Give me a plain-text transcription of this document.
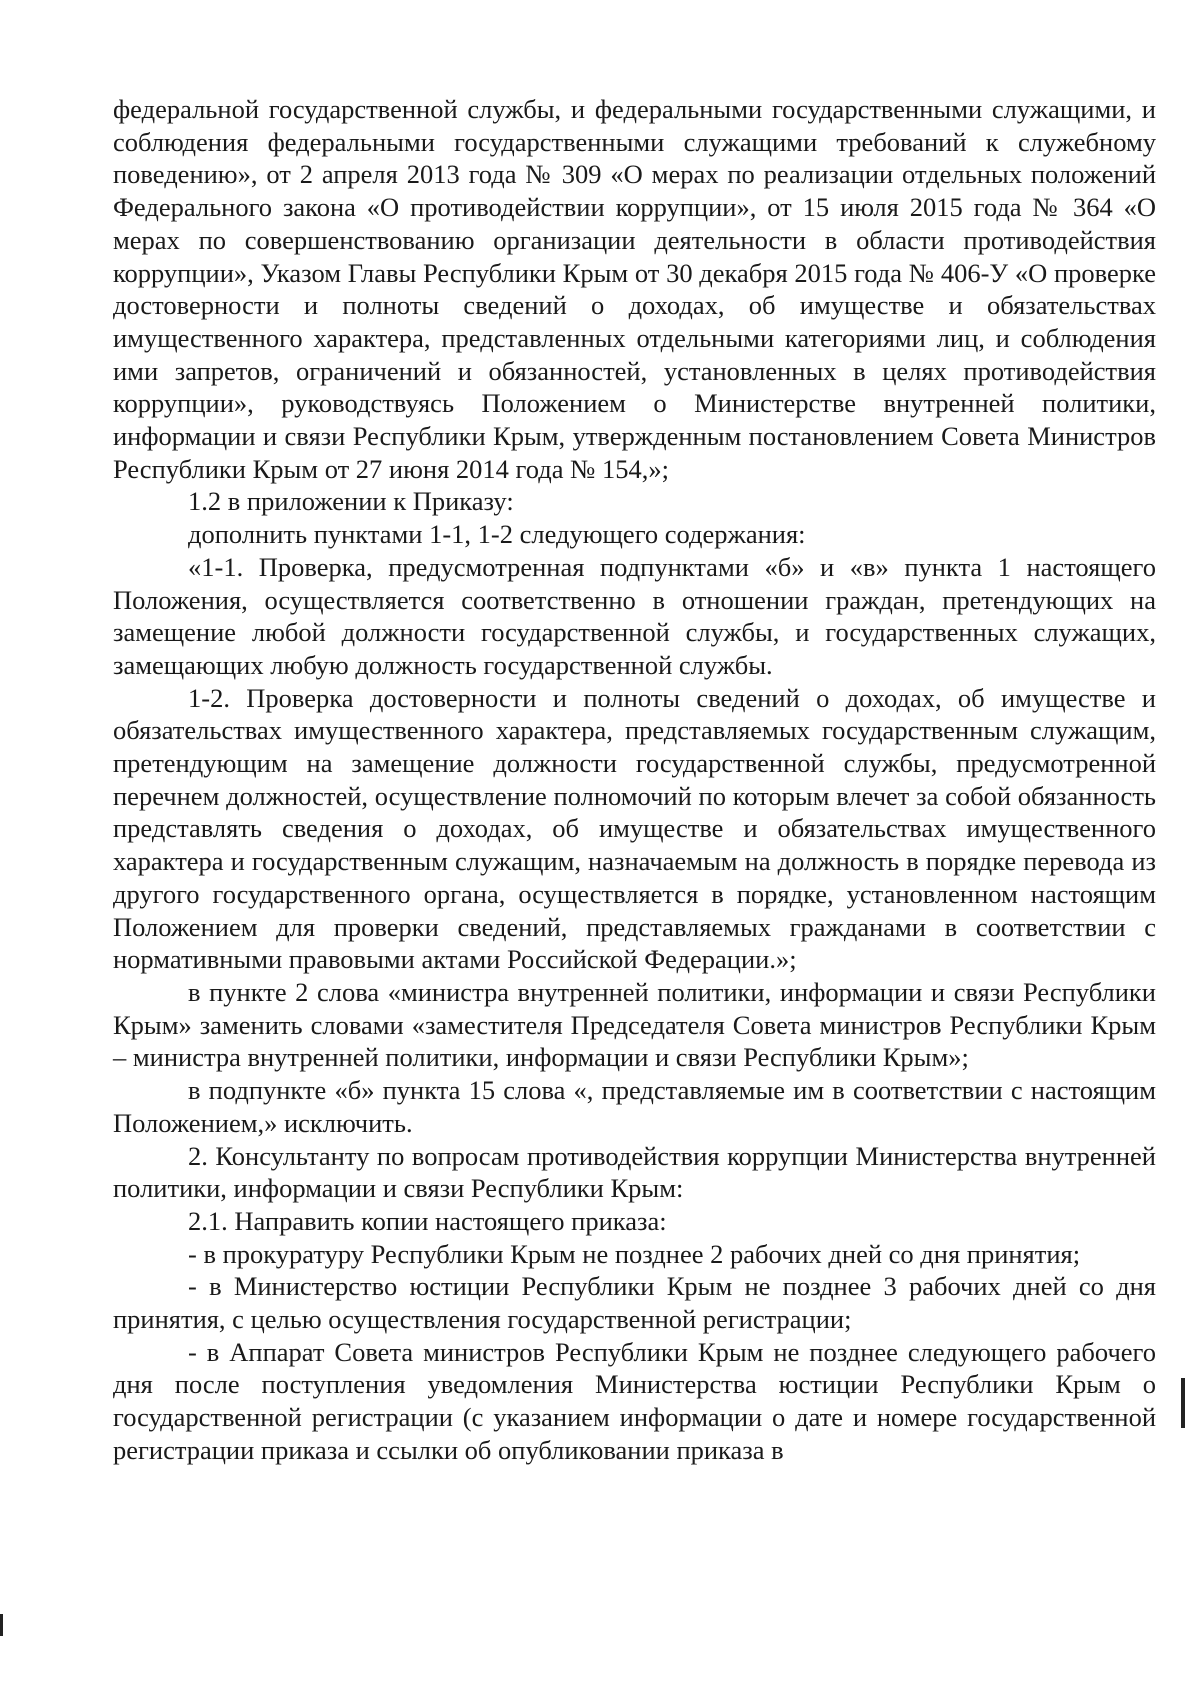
федеральной государственной службы, и федеральными государственными служащими, и соблюдения федеральными государственными служащими требований к служебному поведению», от 2 апреля 2013 года № 309 «О мерах по реализации отдельных положений Федерального закона «О противодействии коррупции», от 15 июля 2015 года № 364 «О мерах по совершенствованию организации деятельности в области противодействия коррупции», Указом Главы Республики Крым от 30 декабря 2015 года № 406-У «О проверке достоверности и полноты сведений о доходах, об имуществе и обязательствах имущественного характера, представленных отдельными категориями лиц, и соблюдения ими запретов, ограничений и обязанностей, установленных в целях противодействия коррупции», руководствуясь Положением о Министерстве внутренней политики, информации и связи Республики Крым, утвержденным постановлением Совета Министров Республики Крым от 27 июня 2014 года № 154,»;

1.2 в приложении к Приказу:

дополнить пунктами 1-1, 1-2 следующего содержания:

«1-1. Проверка, предусмотренная подпунктами «б» и «в» пункта 1 настоящего Положения, осуществляется соответственно в отношении граждан, претендующих на замещение любой должности государственной службы, и государственных служащих, замещающих любую должность государственной службы.

1-2. Проверка достоверности и полноты сведений о доходах, об имуществе и обязательствах имущественного характера, представляемых государственным служащим, претендующим на замещение должности государственной службы, предусмотренной перечнем должностей, осуществление полномочий по которым влечет за собой обязанность представлять сведения о доходах, об имуществе и обязательствах имущественного характера и государственным служащим, назначаемым на должность в порядке перевода из другого государственного органа, осуществляется в порядке, установленном настоящим Положением для проверки сведений, представляемых гражданами в соответствии с нормативными правовыми актами Российской Федерации.»;

в пункте 2 слова «министра внутренней политики, информации и связи Республики Крым» заменить словами «заместителя Председателя Совета министров Республики Крым – министра внутренней политики, информации и связи Республики Крым»;

в подпункте «б» пункта 15 слова «, представляемые им в соответствии с настоящим Положением,» исключить.

2. Консультанту по вопросам противодействия коррупции Министерства внутренней политики, информации и связи Республики Крым:

2.1. Направить копии настоящего приказа:

- в прокуратуру Республики Крым не позднее 2 рабочих дней со дня принятия;

- в Министерство юстиции Республики Крым не позднее 3 рабочих дней со дня принятия, с целью осуществления государственной регистрации;

- в Аппарат Совета министров Республики Крым не позднее следующего рабочего дня после поступления уведомления Министерства юстиции Республики Крым о государственной регистрации (с указанием информации о дате и номере государственной регистрации приказа и ссылки об опубликовании приказа в
